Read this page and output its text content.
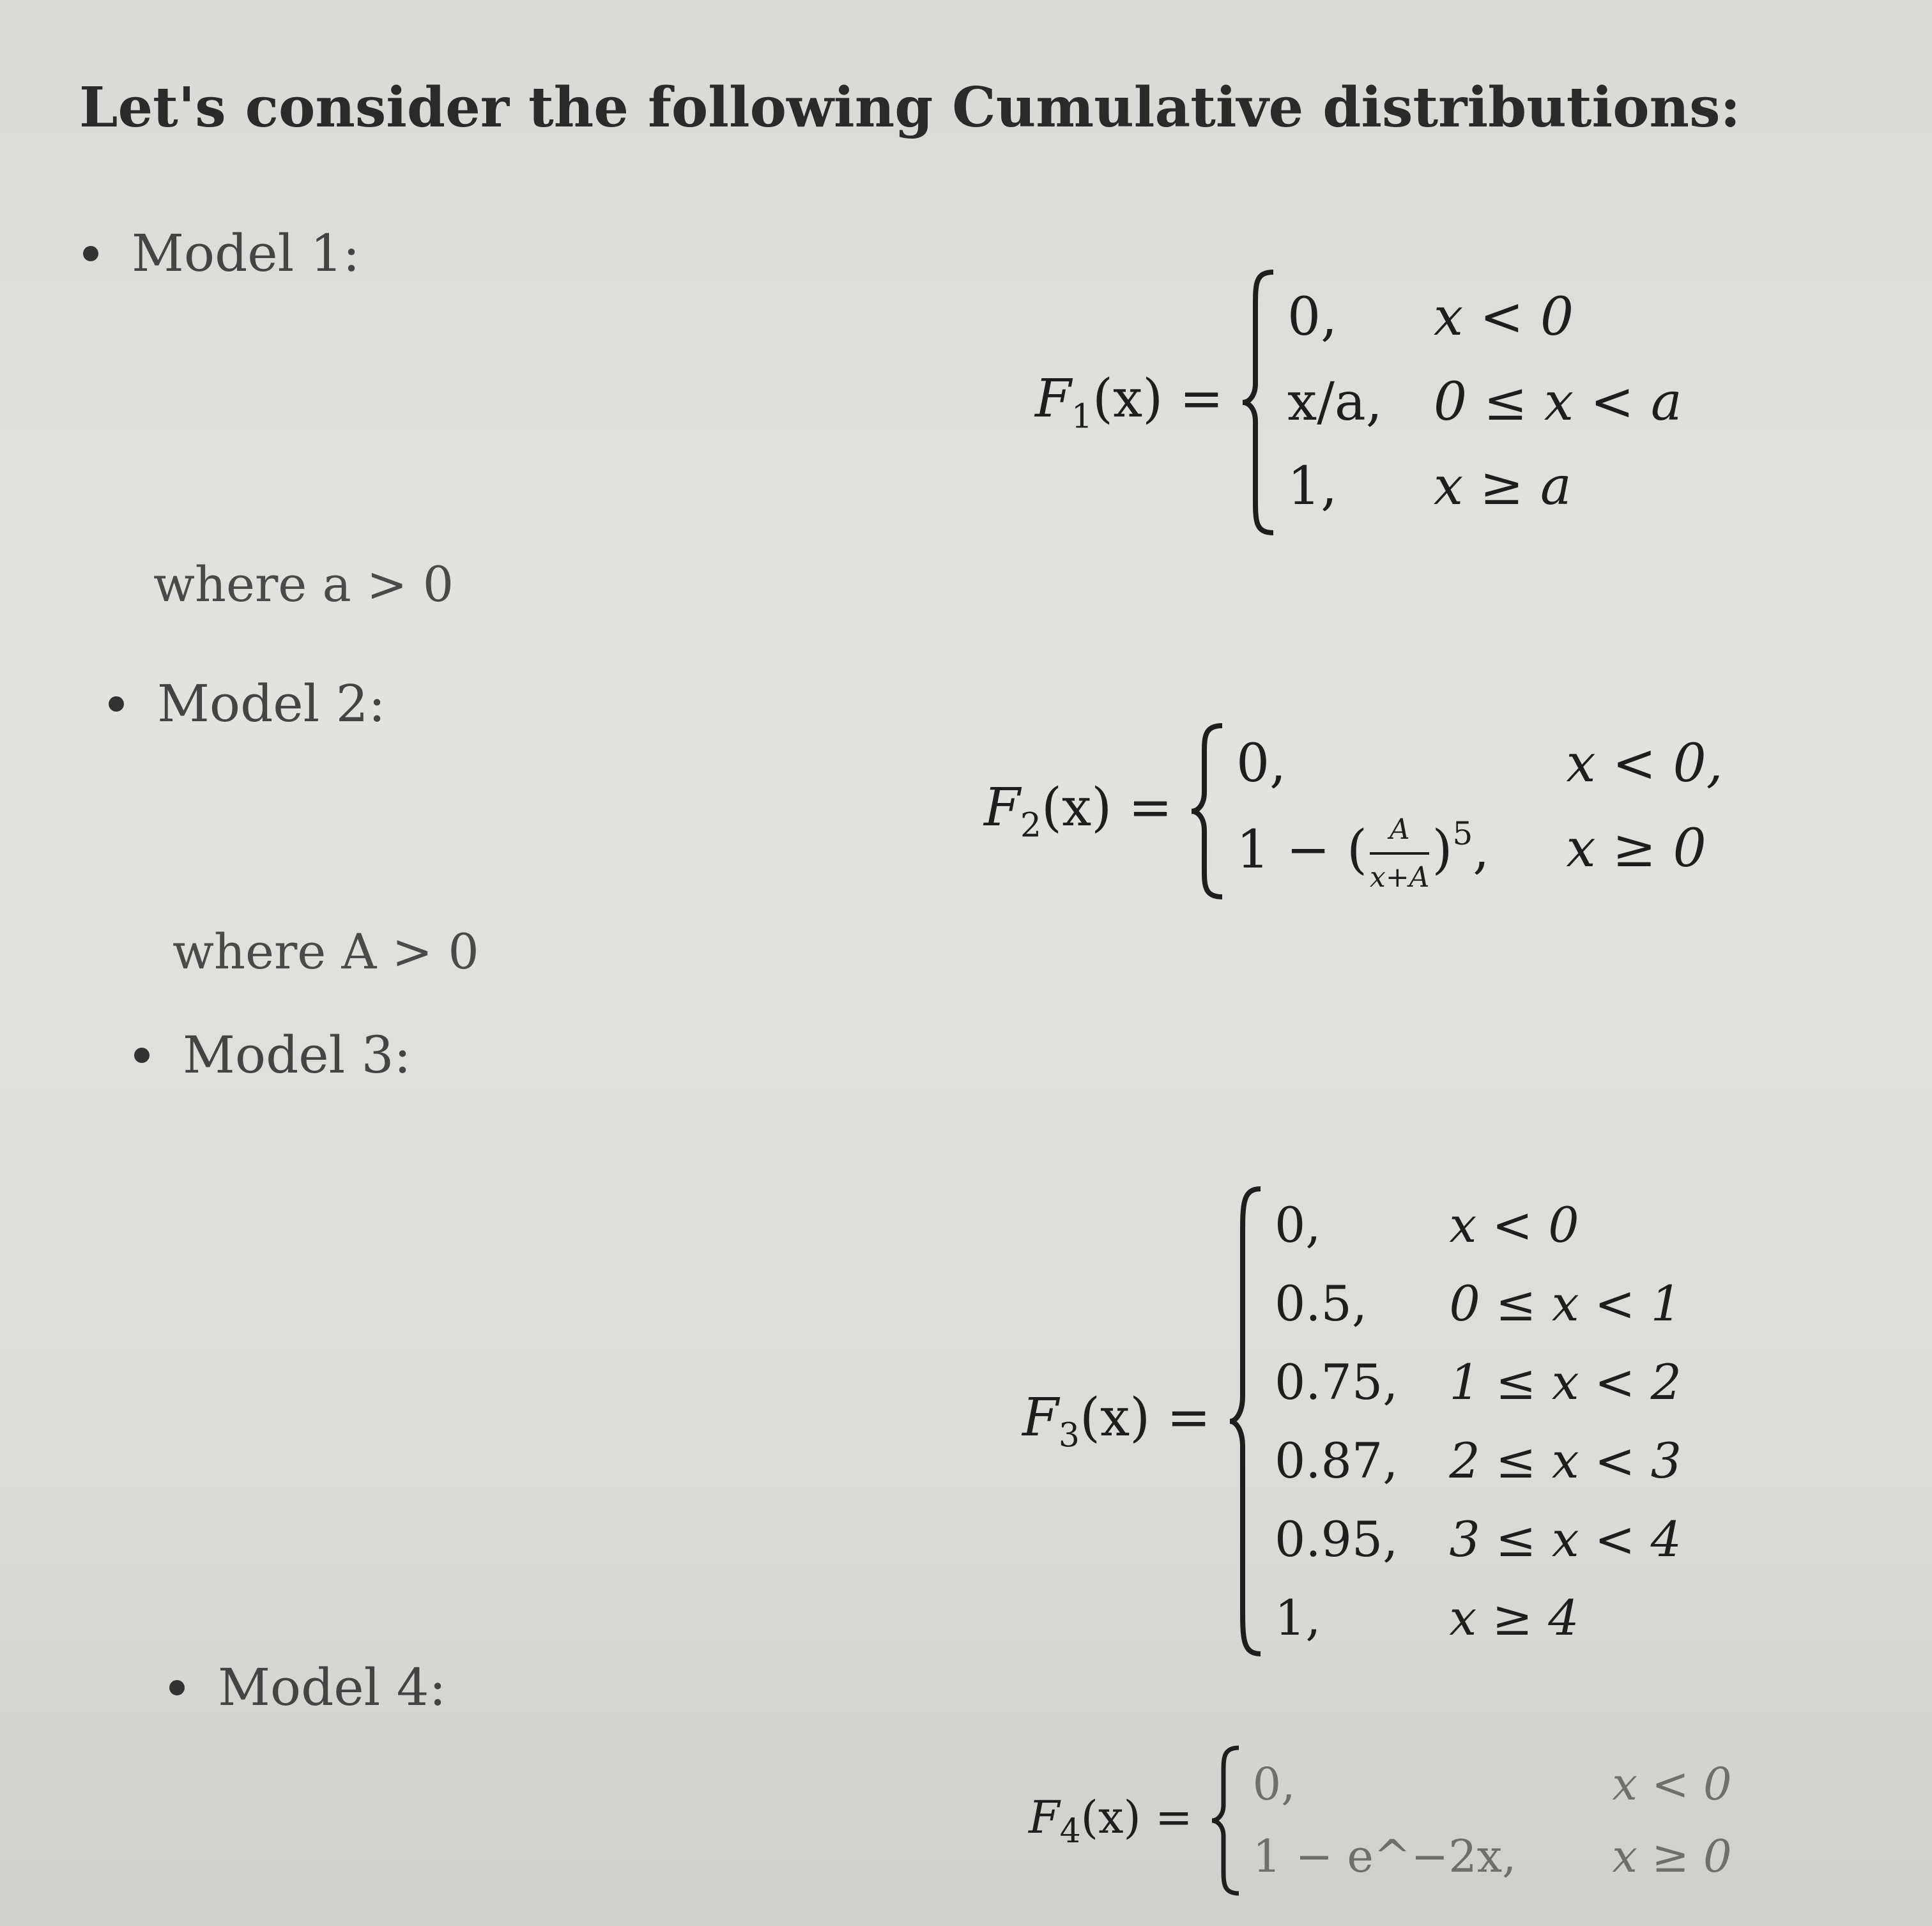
Let's consider the following Cumulative distributions:
Model 1:
$F_1(x)$ =
0,	x < 0
x/a, 0 ≤ x < a
1,	x ≥ a
where a > 0
Model 2:
$F_2(x)$ =
0,	x < 0,
1 − ( $\frac{A}{x+A} )^5$, x ≥ 0
where A > 0
Model 3:
$F_3(x)$ =
0,	x < 0
0.5,	0 ≤ x < 1
0.75, 1 ≤ x < 2
0.87, 2 ≤ x < 3
0.95, 3 ≤ x < 4
1,	x ≥ 4
Model 4:
$F_4(x)$ =
0,	x < 0
1 − e^−2x, x ≥ 0
